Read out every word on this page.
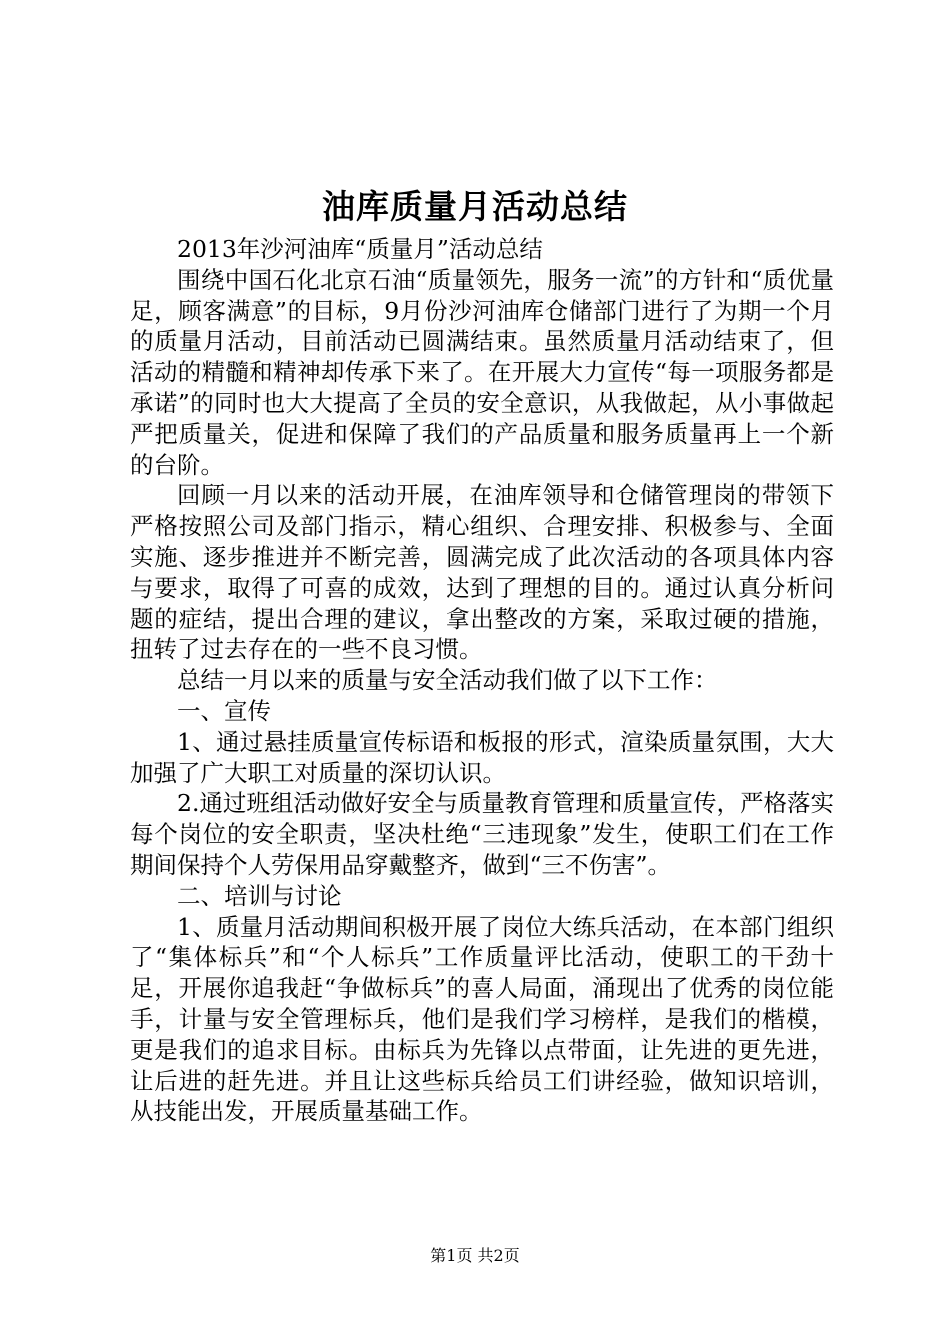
油库质量月活动总结

2013年沙河油库“质量月”活动总结

围绕中国石化北京石油“质量领先，服务一流”的方针和“质优量足，顾客满意”的目标，9月份沙河油库仓储部门进行了为期一个月的质量月活动，目前活动已圆满结束。虽然质量月活动结束了，但活动的精髓和精神却传承下来了。在开展大力宣传“每一项服务都是承诺”的同时也大大提高了全员的安全意识，从我做起，从小事做起严把质量关，促进和保障了我们的产品质量和服务质量再上一个新的台阶。

回顾一月以来的活动开展，在油库领导和仓储管理岗的带领下严格按照公司及部门指示，精心组织、合理安排、积极参与、全面实施、逐步推进并不断完善，圆满完成了此次活动的各项具体内容与要求，取得了可喜的成效，达到了理想的目的。通过认真分析问题的症结，提出合理的建议，拿出整改的方案，采取过硬的措施，扭转了过去存在的一些不良习惯。

总结一月以来的质量与安全活动我们做了以下工作：

一、宣传

1、通过悬挂质量宣传标语和板报的形式，渲染质量氛围，大大加强了广大职工对质量的深切认识。

2.通过班组活动做好安全与质量教育管理和质量宣传，严格落实每个岗位的安全职责，坚决杜绝“三违现象”发生，使职工们在工作期间保持个人劳保用品穿戴整齐，做到“三不伤害”。

二、培训与讨论

1、质量月活动期间积极开展了岗位大练兵活动，在本部门组织了“集体标兵”和“个人标兵”工作质量评比活动，使职工的干劲十足，开展你追我赶“争做标兵”的喜人局面，涌现出了优秀的岗位能手，计量与安全管理标兵，他们是我们学习榜样，是我们的楷模，更是我们的追求目标。由标兵为先锋以点带面，让先进的更先进，让后进的赶先进。并且让这些标兵给员工们讲经验，做知识培训，从技能出发，开展质量基础工作。

第1页 共2页
